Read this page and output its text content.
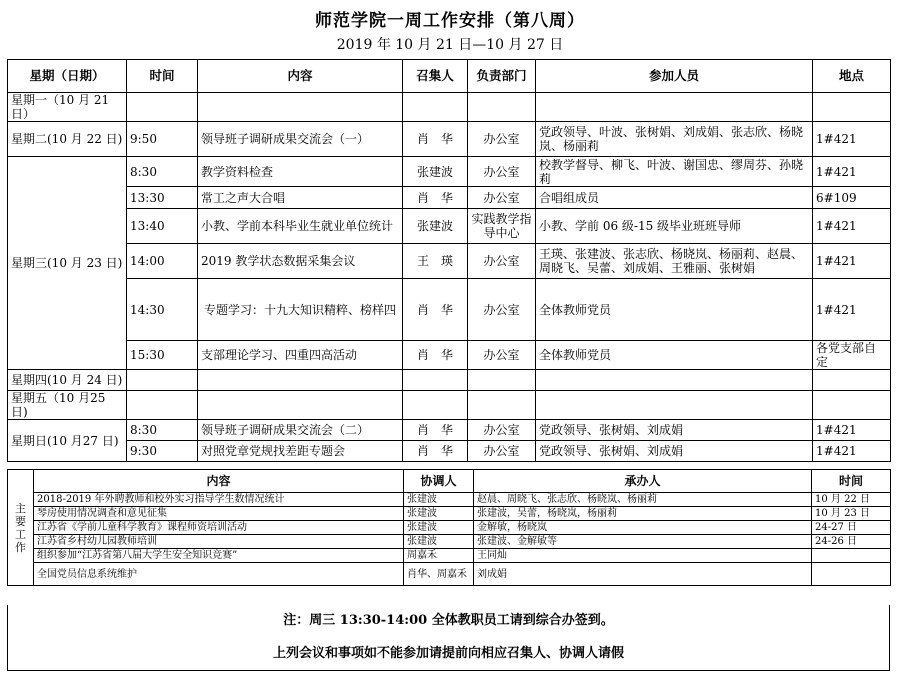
师范学院一周工作安排（第八周）
2019 年 10 月 21 日—10 月 27 日
星期（日期）	时间	内容	召集人	负责部门	参加人员	地点
星期一（10 月 21 日）						
星期二(10 月 22 日)	9:50	领导班子调研成果交流会（一）	肖　华	办公室	党政领导、叶波、张树娟、刘成娟、张志欣、杨晓岚、杨丽莉	1#421
星期三(10 月 23 日)	8:30	教学资料检查	张建波	办公室	校教学督导、柳飞、叶波、谢国忠、缪周芬、孙晓莉	1#421
	13:30	常工之声大合唱	肖　华	办公室	合唱组成员	6#109
	13:40	小教、学前本科毕业生就业单位统计	张建波	实践教学指导中心	小教、学前 06 级-15 级毕业班班导师	1#421
	14:00	2019 教学状态数据采集会议	王　瑛	办公室	王瑛、张建波、张志欣、杨晓岚、杨丽莉、赵晨、周晓飞、吴蕾、刘成娟、王雅丽、张树娟	1#421
	14:30	专题学习：十九大知识精粹、榜样四	肖　华	办公室	全体教师党员	1#421
	15:30	支部理论学习、四重四高活动	肖　华	办公室	全体教师党员	各党支部自定
星期四(10 月 24 日)						
星期五（10 月25 日)						
星期日(10 月27 日)	8:30	领导班子调研成果交流会（二）	肖　华	办公室	党政领导、张树娟、刘成娟	1#421
	9:30	对照党章党规找差距专题会	肖　华	办公室	党政领导、张树娟、刘成娟	1#421
主要工作	内容	协调人	承办人	时间
	2018-2019 年外聘教师和校外实习指导学生数情况统计	张建波	赵晨、周晓飞、张志欣、杨晓岚、杨丽莉	10 月 22 日
	琴房使用情况调查和意见征集	张建波	张建波，吴蕾，杨晓岚，杨丽莉	10 月 23 日
	江苏省《学前儿童科学教育》课程师资培训活动	张建波	金解敏，杨晓岚	24-27 日
	江苏省乡村幼儿园教师培训	张建波	张建波、金解敏等	24-26 日
	组织参加“江苏省第八届大学生安全知识竞赛”	周嘉禾	王同灿	
	全国党员信息系统维护	肖华、周嘉禾	刘成娟	
注：周三 13:30-14:00 全体教职员工请到综合办签到。
上列会议和事项如不能参加请提前向相应召集人、协调人请假
